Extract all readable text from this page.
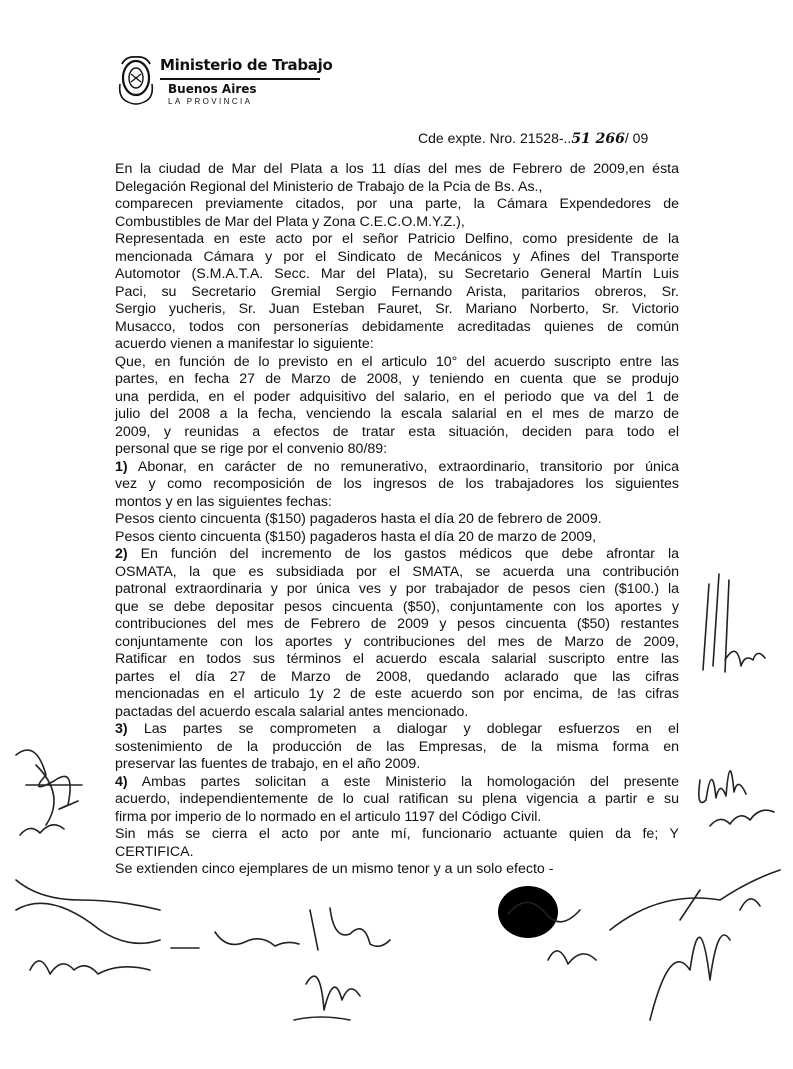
Ministerio de Trabajo
Buenos Aires
LA PROVINCIA
Cde expte. Nro. 21528-..51 266/ 09

En la ciudad de Mar del Plata a los 11 días del mes de Febrero de 2009,en ésta
Delegación Regional del Ministerio de Trabajo de la Pcia de Bs. As.,
comparecen previamente citados, por una parte, la Cámara Expendedores de
Combustibles de Mar del Plata y Zona C.E.C.O.M.Y.Z.),
Representada en este acto por el señor Patricio Delfino, como presidente de la
mencionada Cámara y por el Sindicato de Mecánicos y Afines del Transporte
Automotor (S.M.A.T.A. Secc. Mar del Plata), su Secretario General Martín Luis
Paci, su Secretario Gremial Sergio Fernando Arista, paritarios obreros, Sr.
Sergio yucheris, Sr. Juan Esteban Fauret, Sr. Mariano Norberto, Sr. Victorio
Musacco, todos con personerías debidamente acreditadas quienes de común
acuerdo vienen a manifestar lo siguiente:
Que, en función de lo previsto en el articulo 10° del acuerdo suscripto entre las
partes, en fecha 27 de Marzo de 2008, y teniendo en cuenta que se produjo
una perdida, en el poder adquisitivo del salario, en el periodo que va del 1 de
julio del 2008 a la fecha, venciendo la escala salarial en el mes de marzo de
2009, y reunidas a efectos de tratar esta situación, deciden para todo el
personal que se rige por el convenio 80/89:

1) Abonar, en carácter de no remunerativo, extraordinario, transitorio por única
vez y como recomposición de los ingresos de los trabajadores los siguientes
montos y en las siguientes fechas:
Pesos ciento cincuenta ($150) pagaderos hasta el día 20 de febrero de 2009.
Pesos ciento cincuenta ($150) pagaderos hasta el día 20 de marzo de 2009,

2) En función del incremento de los gastos médicos que debe afrontar la
OSMATA, la que es subsidiada por el SMATA, se acuerda una contribución
patronal extraordinaria y por única ves y por trabajador de pesos cien ($100.) la
que se debe depositar pesos cincuenta ($50), conjuntamente con los aportes y
contribuciones del mes de Febrero de 2009 y pesos cincuenta ($50) restantes
conjuntamente con los aportes y contribuciones del mes de Marzo de 2009,
Ratificar en todos sus términos el acuerdo escala salarial suscripto entre las
partes el día 27 de Marzo de 2008, quedando aclarado que las cifras
mencionadas en el articulo 1y 2 de este acuerdo son por encima, de !as cifras
pactadas del acuerdo escala salarial antes mencionado.

3) Las partes se comprometen a dialogar y doblegar esfuerzos en el
sostenimiento de la producción de las Empresas, de la misma forma en
preservar las fuentes de trabajo, en el año 2009.

4) Ambas partes solicitan a este Ministerio la homologación del presente
acuerdo, independientemente de lo cual ratifican su plena vigencia a partir e su
firma por imperio de lo normado en el articulo 1197 del Código Civil.

Sin más se cierra el acto por ante mí, funcionario actuante quien da fe; Y
CERTIFICA.
Se extienden cinco ejemplares de un mismo tenor y a un solo efecto -
